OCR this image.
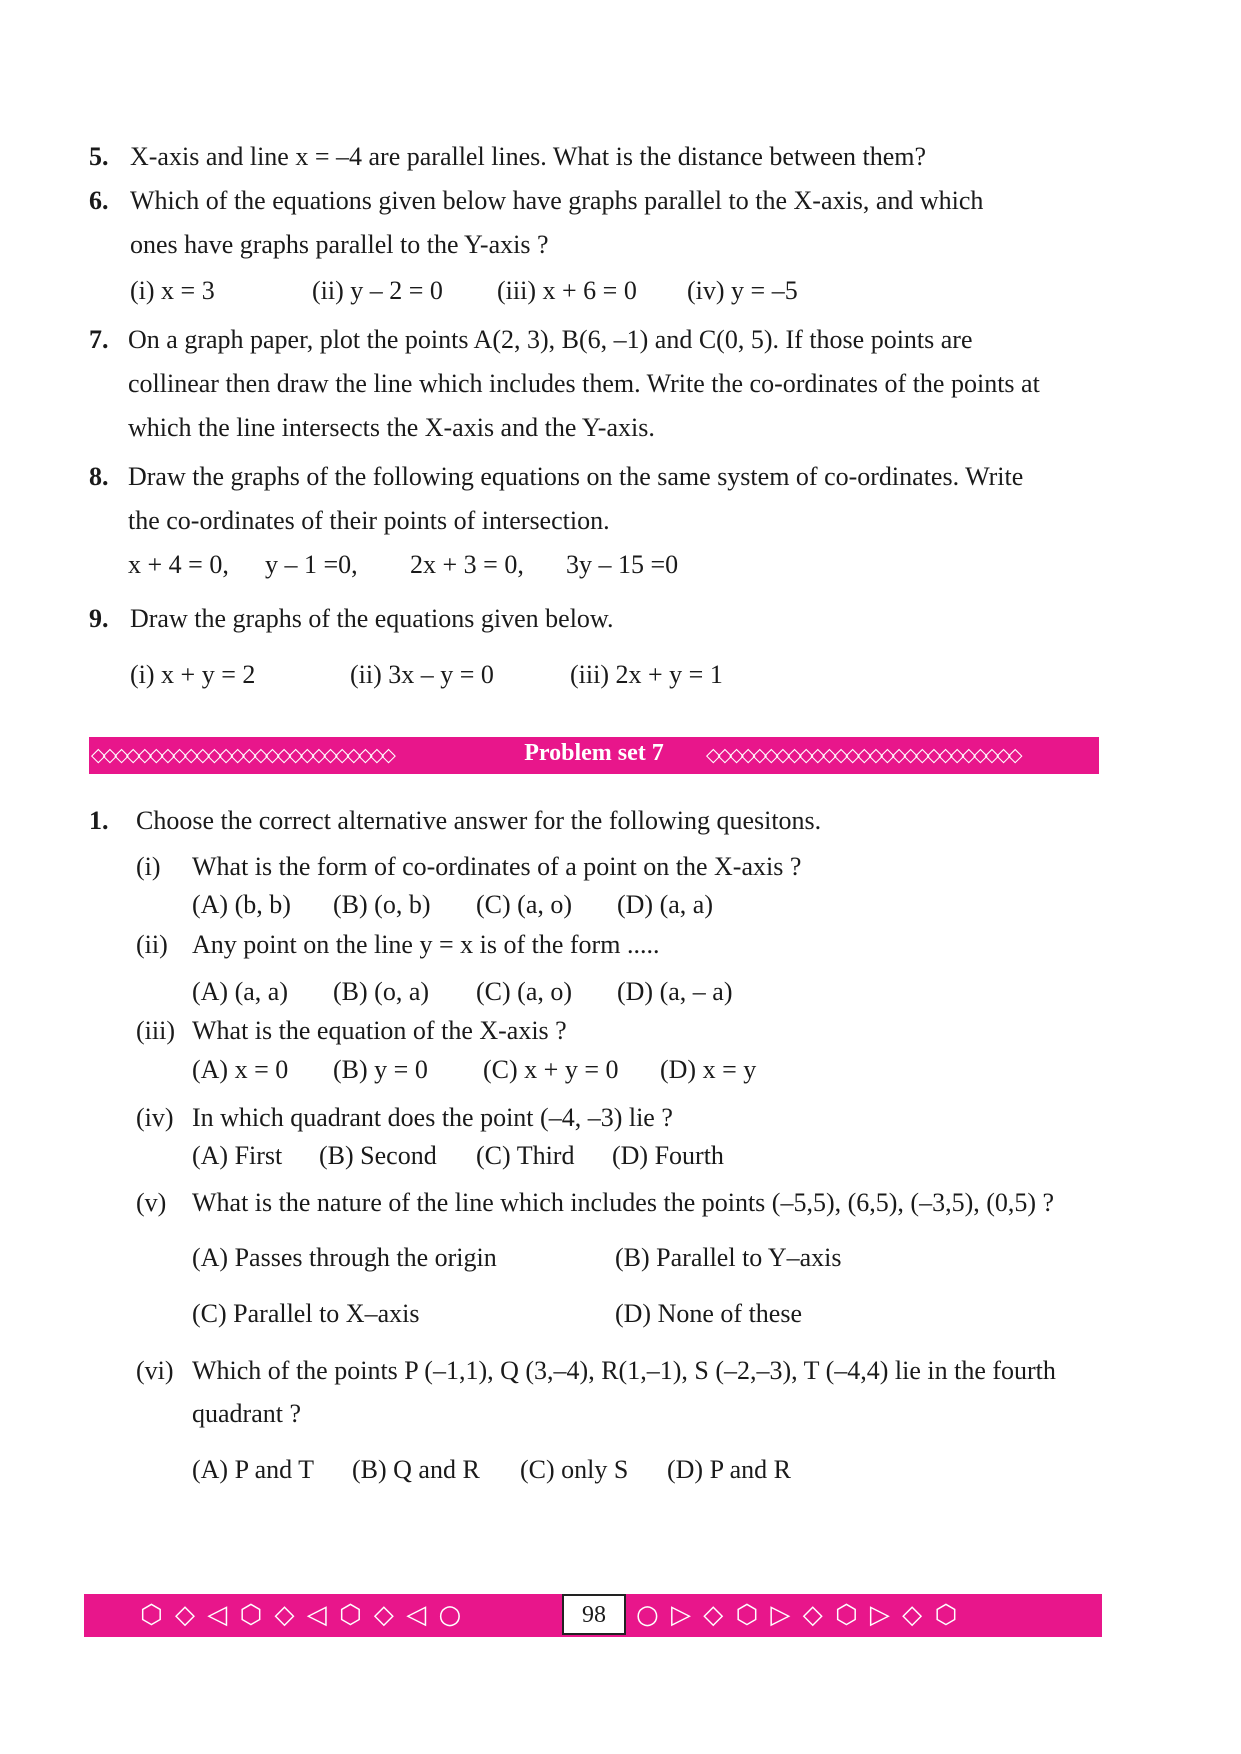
5. X-axis and line x = –4 are parallel lines. What is the distance between them?
6. Which of the equations given below have graphs parallel to the X-axis, and which
ones have graphs parallel to the Y-axis ?
(i) x = 3	(ii) y – 2 = 0 (iii) x + 6 = 0 (iv) y = –5
7. On a graph paper, plot the points A(2, 3), B(6, –1) and C(0, 5). If those points are
collinear then draw the line which includes them. Write the co-ordinates of the points at
which the line intersects the X-axis and the Y-axis.
8. Draw the graphs of the following equations on the same system of co-ordinates. Write
the co-ordinates of their points of intersection.
x + 4 = 0, y – 1 =0, 2x + 3 = 0, 3y – 15 =0
9. Draw the graphs of the equations given below.
(i) x + y = 2	(ii) 3x – y = 0	(iii) 2x + y = 1
◇◇◇◇◇◇◇◇◇◇◇◇◇◇◇◇◇◇◇◇◇◇◇◇◇◇	Problem set 7	◇◇◇◇◇◇◇◇◇◇◇◇◇◇◇◇◇◇◇◇◇◇◇◇◇◇◇
1. Choose the correct alternative answer for the following quesitons.
(i) What is the form of co-ordinates of a point on the X-axis ?
(A) (b, b) (B) (o, b) (C) (a, o) (D) (a, a)
(ii) Any point on the line y = x is of the form .....
(A) (a, a) (B) (o, a) (C) (a, o) (D) (a, – a)
(iii) What is the equation of the X-axis ?
(A) x = 0 (B) y = 0 (C) x + y = 0 (D) x = y
(iv) In which quadrant does the point (–4, –3) lie ?
(A) First (B) Second (C) Third (D) Fourth
(v) What is the nature of the line which includes the points (–5,5), (6,5), (–3,5), (0,5) ?
(A) Passes through the origin	(B) Parallel to Y–axis
(C) Parallel to X–axis	(D) None of these
(vi) Which of the points P (–1,1), Q (3,–4), R(1,–1), S (–2,–3), T (–4,4) lie in the fourth
quadrant ?
(A) P and T (B) Q and R (C) only S (D) P and R
⬡ ◇ ◁ ⬡ ◇ ◁ ⬡ ◇ ◁ ○	98	○ ▷ ◇ ⬡ ▷ ◇ ⬡ ▷ ◇ ⬡
